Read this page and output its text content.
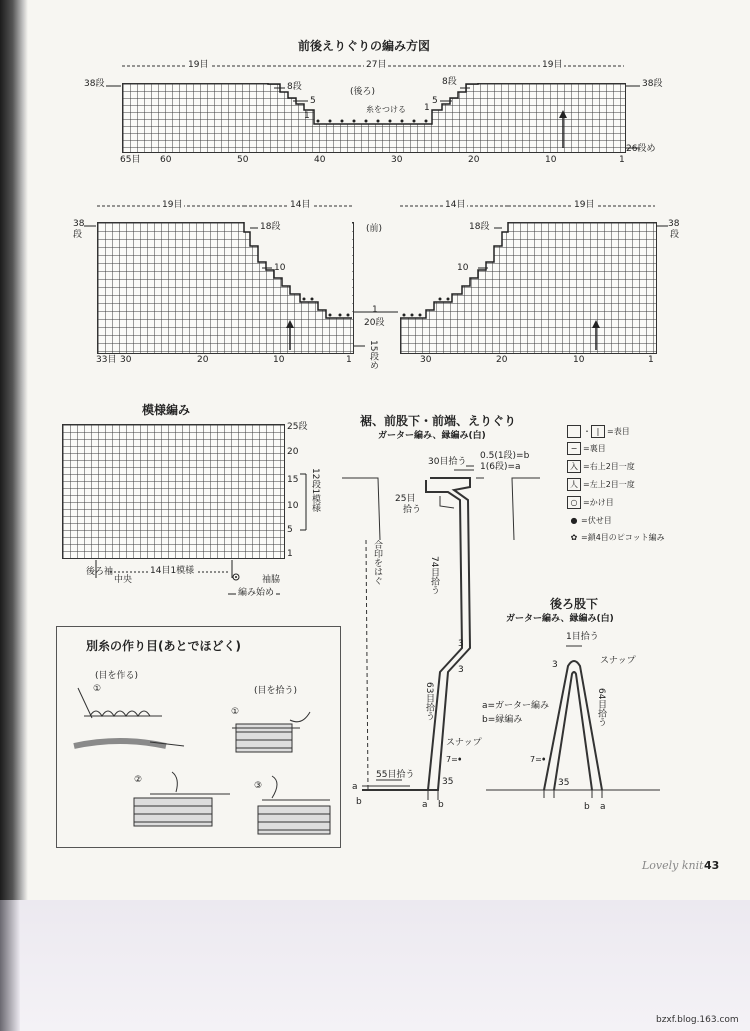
前後えりぐりの編み方図
19目	27目	19目
38段	38段
8段	8段
5	5
(後ろ)
糸をつける
1
1
26段め
65目 60	50	40	30	20	10	1
19目	14目	14目	19目
38
段
38
段
18段	18段
(前)
10	10
1
20段
15段め
33目 30	20	10	1	30	20	10	1
模様編み
25段
20
15
10
5
1
12段1模様
後ろ袖
中央
14目1模様
袖脇
編み始め
裾、前股下・前端、えりぐり
ガーター編み、縁編み(白)
30目拾う
0.5(1段)=b
1(6段)=a
25目
拾う
合印をはぐ	74目拾う
3
3
63目拾う
スナップ
7=ꔷ
55目拾う
35
a
b	a b
・ | =表目
− =裏目
入 =右上2目一度
人 =左上2目一度
○ =かけ目
● =伏せ目
✿ =鎖4目のピコット編み
後ろ股下
ガーター編み、縁編み(白)
1目拾う
3	スナップ
64目拾う
a=ガーター編み
b=縁編み
7=ꔷ
35
b a
別糸の作り目(あとでほどく)
(目を作る)
①	(目を拾う)
①
②
③
Lovely knit 43
bzxf.blog.163.com
